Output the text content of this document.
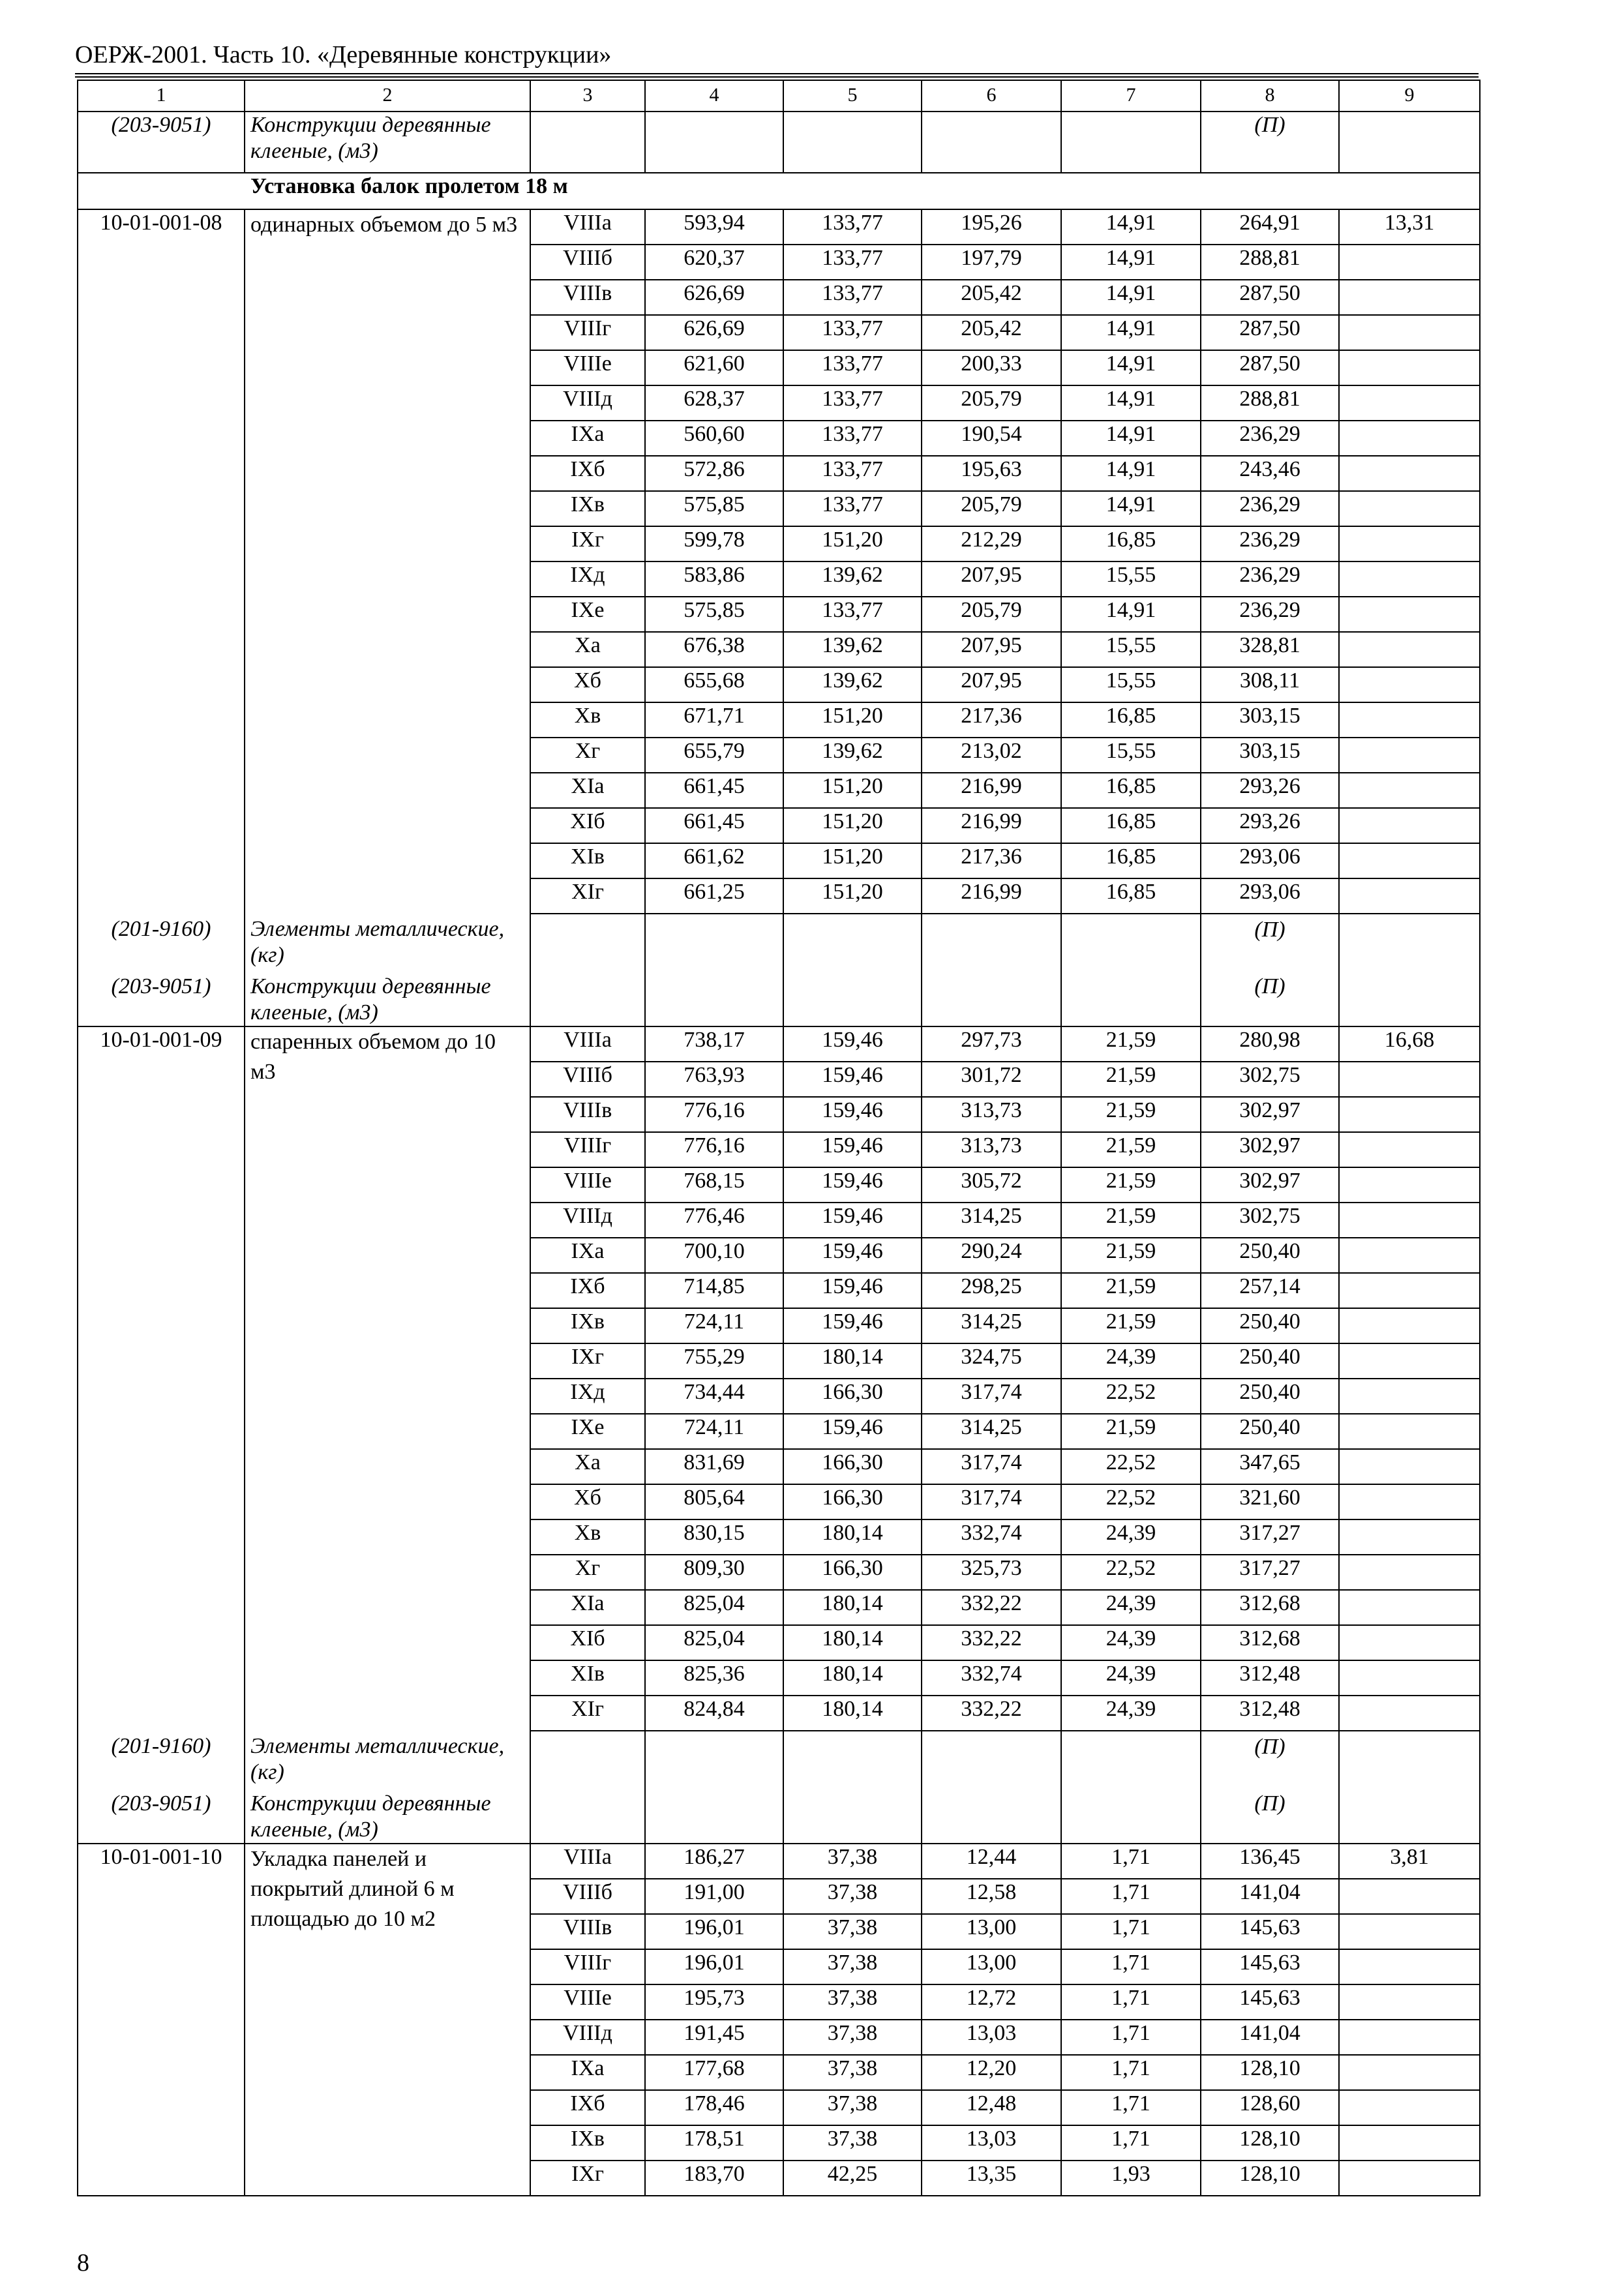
ОЕРЖ-2001. Часть 10. «Деревянные конструкции»
1	2	3	4	5	6	7	8	9
(203-9051)	Конструкции деревянные клееные, (м3)						(П)	
Установка балок пролетом 18 м								
10-01-001-08	одинарных объемом до 5 м3	VIIIа	593,94	133,77	195,26	14,91	264,91	13,31
		VIIIб	620,37	133,77	197,79	14,91	288,81	
		VIIIв	626,69	133,77	205,42	14,91	287,50	
		VIIIг	626,69	133,77	205,42	14,91	287,50	
		VIIIе	621,60	133,77	200,33	14,91	287,50	
		VIIIд	628,37	133,77	205,79	14,91	288,81	
		IXа	560,60	133,77	190,54	14,91	236,29	
		IXб	572,86	133,77	195,63	14,91	243,46	
		IXв	575,85	133,77	205,79	14,91	236,29	
		IXг	599,78	151,20	212,29	16,85	236,29	
		IXд	583,86	139,62	207,95	15,55	236,29	
		IXе	575,85	133,77	205,79	14,91	236,29	
		Xа	676,38	139,62	207,95	15,55	328,81	
		Xб	655,68	139,62	207,95	15,55	308,11	
		Xв	671,71	151,20	217,36	16,85	303,15	
		Xг	655,79	139,62	213,02	15,55	303,15	
		XIа	661,45	151,20	216,99	16,85	293,26	
		XIб	661,45	151,20	216,99	16,85	293,26	
		XIв	661,62	151,20	217,36	16,85	293,06	
		XIг	661,25	151,20	216,99	16,85	293,06	
(201-9160)	Элементы металлические, (кг)						(П)	
(203-9051)	Конструкции деревянные клееные, (м3)						(П)	
10-01-001-09	спаренных объемом до 10 м3	VIIIа	738,17	159,46	297,73	21,59	280,98	16,68
		VIIIб	763,93	159,46	301,72	21,59	302,75	
		VIIIв	776,16	159,46	313,73	21,59	302,97	
		VIIIг	776,16	159,46	313,73	21,59	302,97	
		VIIIе	768,15	159,46	305,72	21,59	302,97	
		VIIIд	776,46	159,46	314,25	21,59	302,75	
		IXа	700,10	159,46	290,24	21,59	250,40	
		IXб	714,85	159,46	298,25	21,59	257,14	
		IXв	724,11	159,46	314,25	21,59	250,40	
		IXг	755,29	180,14	324,75	24,39	250,40	
		IXд	734,44	166,30	317,74	22,52	250,40	
		IXе	724,11	159,46	314,25	21,59	250,40	
		Xа	831,69	166,30	317,74	22,52	347,65	
		Xб	805,64	166,30	317,74	22,52	321,60	
		Xв	830,15	180,14	332,74	24,39	317,27	
		Xг	809,30	166,30	325,73	22,52	317,27	
		XIа	825,04	180,14	332,22	24,39	312,68	
		XIб	825,04	180,14	332,22	24,39	312,68	
		XIв	825,36	180,14	332,74	24,39	312,48	
		XIг	824,84	180,14	332,22	24,39	312,48	
(201-9160)	Элементы металлические, (кг)						(П)	
(203-9051)	Конструкции деревянные клееные, (м3)						(П)	
10-01-001-10	Укладка панелей и покрытий длиной 6 м площадью до 10 м2	VIIIа	186,27	37,38	12,44	1,71	136,45	3,81
		VIIIб	191,00	37,38	12,58	1,71	141,04	
		VIIIв	196,01	37,38	13,00	1,71	145,63	
		VIIIг	196,01	37,38	13,00	1,71	145,63	
		VIIIе	195,73	37,38	12,72	1,71	145,63	
		VIIIд	191,45	37,38	13,03	1,71	141,04	
		IXа	177,68	37,38	12,20	1,71	128,10	
		IXб	178,46	37,38	12,48	1,71	128,60	
		IXв	178,51	37,38	13,03	1,71	128,10	
		IXг	183,70	42,25	13,35	1,93	128,10	
8
